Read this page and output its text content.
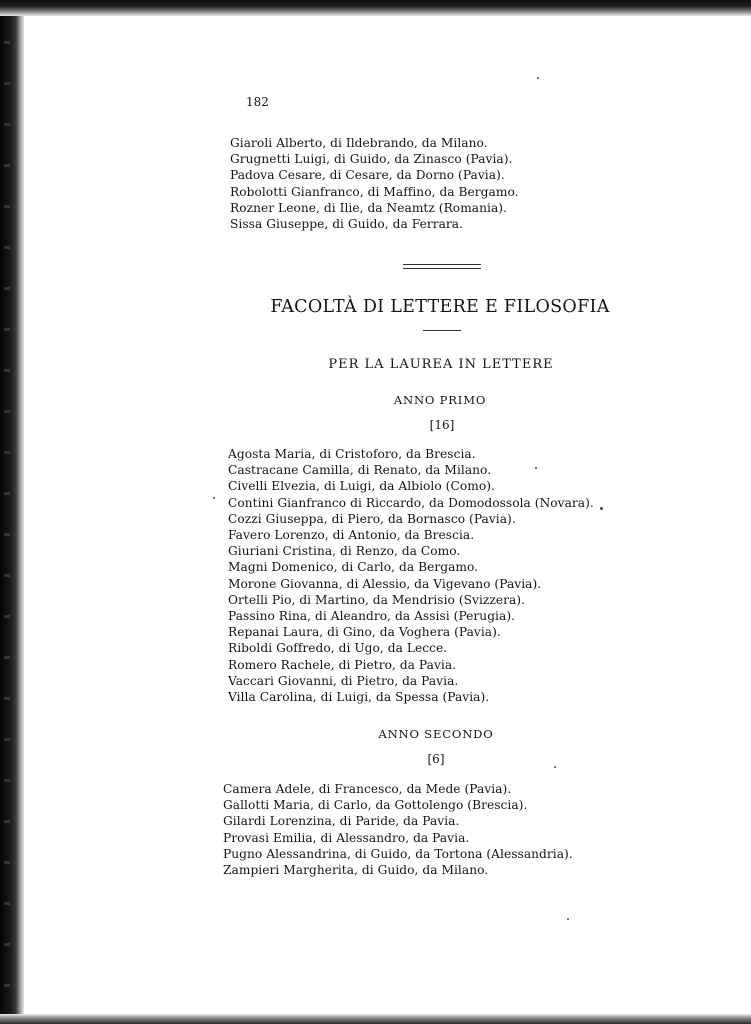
182
Giaroli Alberto, di Ildebrando, da Milano.
Grugnetti Luigi, di Guido, da Zinasco (Pavia).
Padova Cesare, di Cesare, da Dorno (Pavia).
Robolotti Gianfranco, di Maffino, da Bergamo.
Rozner Leone, di Ilie, da Neamtz (Romania).
Sissa Giuseppe, di Guido, da Ferrara.
FACOLTÀ DI LETTERE E FILOSOFIA
PER LA LAUREA IN LETTERE
ANNO PRIMO
[16]
Agosta Maria, di Cristoforo, da Brescia.
Castracane Camilla, di Renato, da Milano.
Civelli Elvezia, di Luigi, da Albiolo (Como).
Contini Gianfranco di Riccardo, da Domodossola (Novara).
Cozzi Giuseppa, di Piero, da Bornasco (Pavia).
Favero Lorenzo, di Antonio, da Brescia.
Giuriani Cristina, di Renzo, da Como.
Magni Domenico, di Carlo, da Bergamo.
Morone Giovanna, di Alessio, da Vigevano (Pavia).
Ortelli Pio, di Martino, da Mendrisio (Svizzera).
Passino Rina, di Aleandro, da Assisi (Perugia).
Repanai Laura, di Gino, da Voghera (Pavia).
Riboldi Goffredo, di Ugo, da Lecce.
Romero Rachele, di Pietro, da Pavia.
Vaccari Giovanni, di Pietro, da Pavia.
Villa Carolina, di Luigi, da Spessa (Pavia).
ANNO SECONDO
[6]
Camera Adele, di Francesco, da Mede (Pavia).
Gallotti Maria, di Carlo, da Gottolengo (Brescia).
Gilardi Lorenzina, di Paride, da Pavia.
Provasi Emilia, di Alessandro, da Pavia.
Pugno Alessandrina, di Guido, da Tortona (Alessandria).
Zampieri Margherita, di Guido, da Milano.
